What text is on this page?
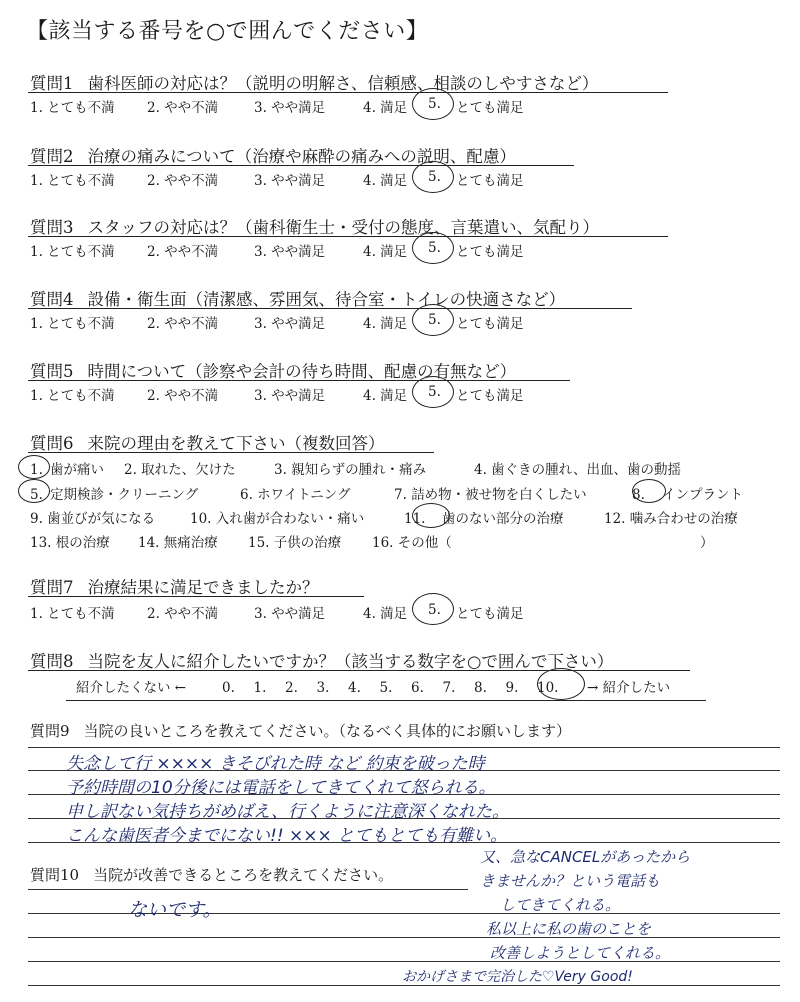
【該当する番号を○で囲んでください】
質問1 歯科医師の対応は？（説明の明解さ、信頼感、相談のしやすさなど）
1. とても不満	2. やや不満	3. やや満足	4. 満足	5.	とても満足
質問2 治療の痛みについて（治療や麻酔の痛みへの説明、配慮）
1. とても不満	2. やや不満	3. やや満足	4. 満足	5.	とても満足
質問3 スタッフの対応は？（歯科衛生士・受付の態度、言葉遣い、気配り）
1. とても不満	2. やや不満	3. やや満足	4. 満足	5.	とても満足
質問4 設備・衛生面（清潔感、雰囲気、待合室・トイレの快適さなど）
1. とても不満	2. やや不満	3. やや満足	4. 満足	5.	とても満足
質問5 時間について（診察や会計の待ち時間、配慮の有無など）
1. とても不満	2. やや不満	3. やや満足	4. 満足	5.	とても満足
質問6 来院の理由を教えて下さい（複数回答）
1. 歯が痛い 2. 取れた、欠けた	3. 親知らずの腫れ・痛み	4. 歯ぐきの腫れ、出血、歯の動揺
5. 定期検診・クリーニング	6. ホワイトニング	7. 詰め物・被せ物を白くしたい	8. インプラント
9. 歯並びが気になる	10. 入れ歯が合わない・痛い	11. 歯のない部分の治療	12. 噛み合わせの治療
13. 根の治療 14. 無痛治療 15. 子供の治療 16. その他（	）
質問7 治療結果に満足できましたか？
1. とても不満	2. やや不満	3. やや満足	4. 満足	5.	とても満足
質問8 当院を友人に紹介したいですか？（該当する数字を○で囲んで下さい）
紹介したくない ←	0. 1. 2. 3. 4. 5. 6. 7. 8. 9. 10. → 紹介したい
質問9 当院の良いところを教えてください。（なるべく具体的にお願いします）
失念して行 ×××× きそびれた時 など 約束を破った時
予約時間の10分後には電話をしてきてくれて怒られる。
申し訳ない気持ちがめばえ、行くように注意深くなれた。
こんな歯医者今までにない!! ××× とてもとても有難い。
質問10 当院が改善できるところを教えてください。
ないです。
又、急なCANCELがあったから
きませんか？という電話も
してきてくれる。
私以上に私の歯のことを
改善しようとしてくれる。
おかげさまで完治した♡Very Good!
